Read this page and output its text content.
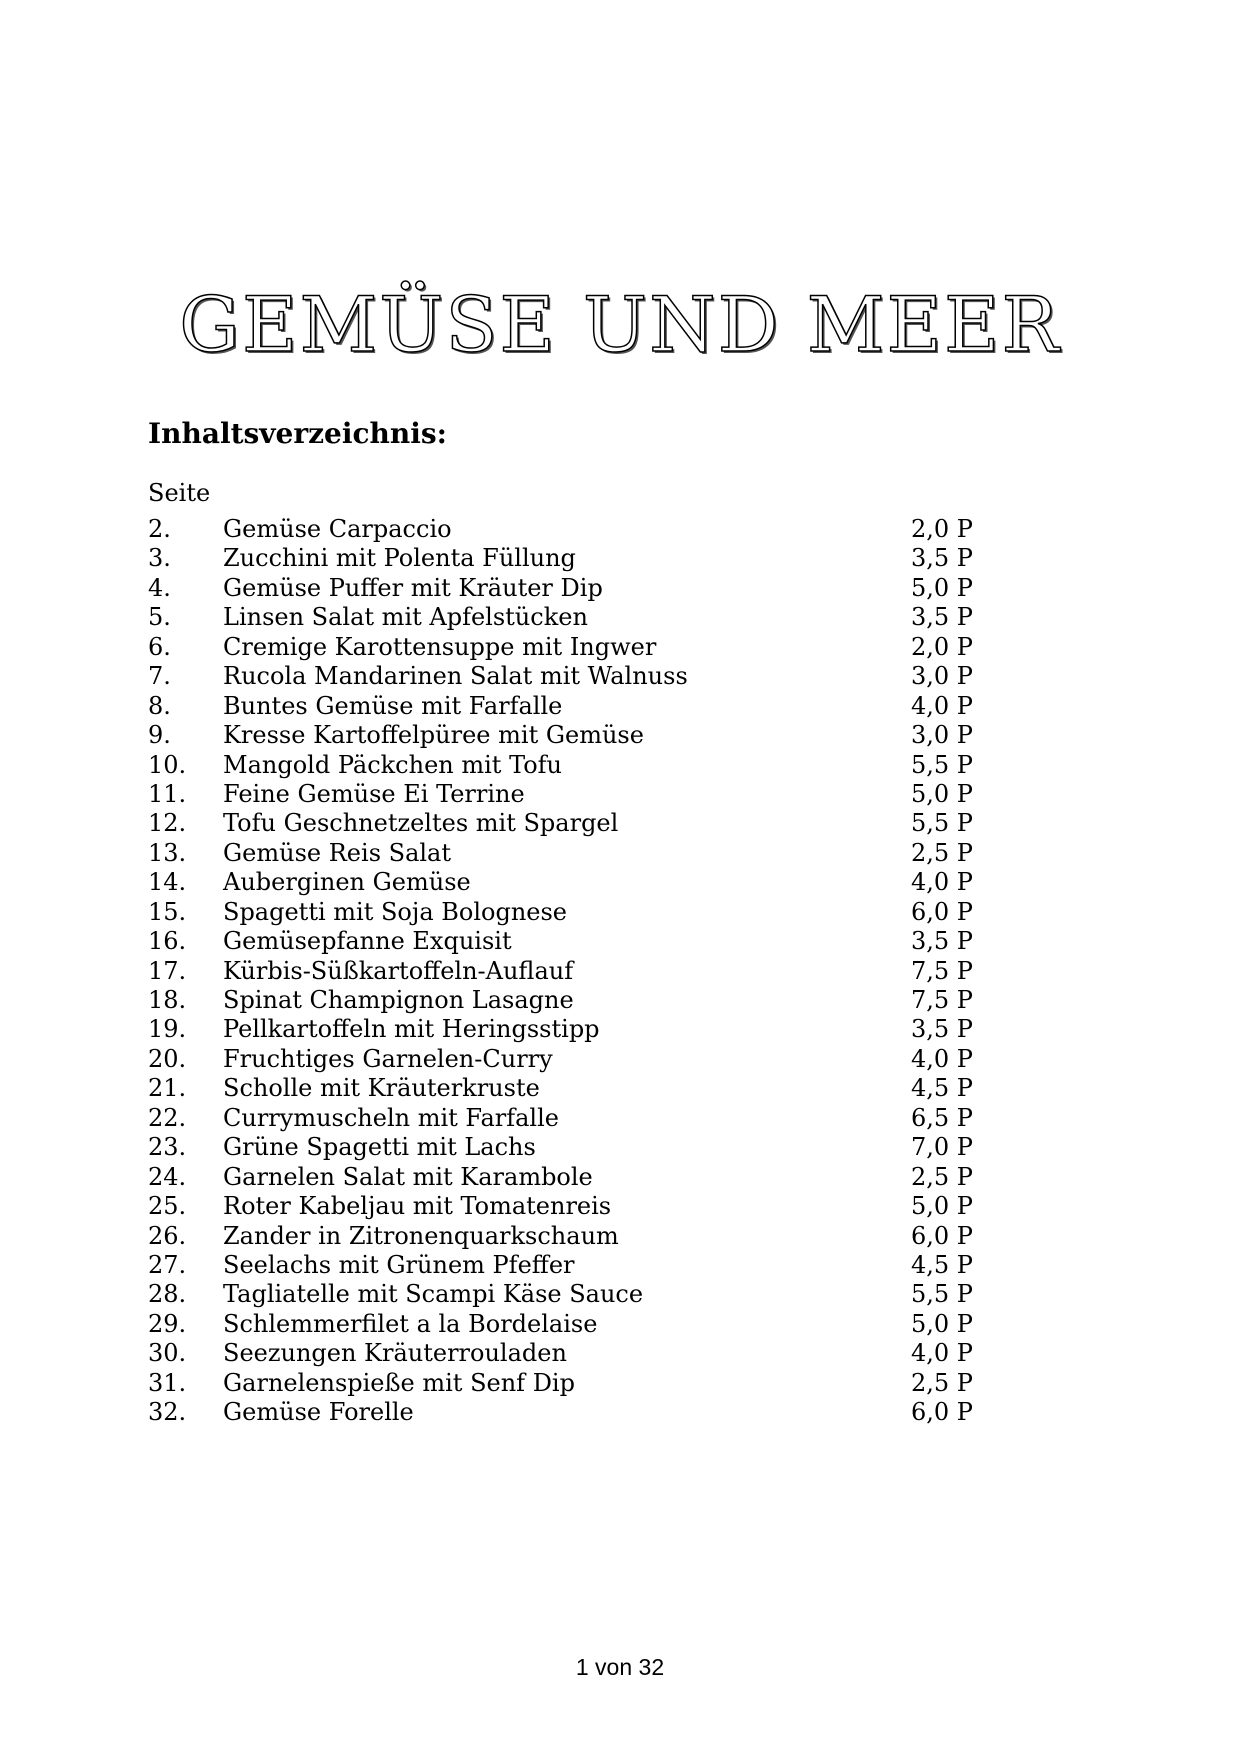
GEMÜSE UND MEER
Inhaltsverzeichnis:
Seite
2. Gemüse Carpaccio	2,0 P
3. Zucchini mit Polenta Füllung	3,5 P
4. Gemüse Puffer mit Kräuter Dip	5,0 P
5. Linsen Salat mit Apfelstücken	3,5 P
6. Cremige Karottensuppe mit Ingwer	2,0 P
7. Rucola Mandarinen Salat mit Walnuss	3,0 P
8. Buntes Gemüse mit Farfalle	4,0 P
9. Kresse Kartoffelpüree mit Gemüse	3,0 P
10. Mangold Päckchen mit Tofu	5,5 P
11. Feine Gemüse Ei Terrine	5,0 P
12. Tofu Geschnetzeltes mit Spargel	5,5 P
13. Gemüse Reis Salat	2,5 P
14. Auberginen Gemüse	4,0 P
15. Spagetti mit Soja Bolognese	6,0 P
16. Gemüsepfanne Exquisit	3,5 P
17. Kürbis-Süßkartoffeln-Auflauf	7,5 P
18. Spinat Champignon Lasagne	7,5 P
19. Pellkartoffeln mit Heringsstipp	3,5 P
20. Fruchtiges Garnelen-Curry	4,0 P
21. Scholle mit Kräuterkruste	4,5 P
22. Currymuscheln mit Farfalle	6,5 P
23. Grüne Spagetti mit Lachs	7,0 P
24. Garnelen Salat mit Karambole	2,5 P
25. Roter Kabeljau mit Tomatenreis	5,0 P
26. Zander in Zitronenquarkschaum	6,0 P
27. Seelachs mit Grünem Pfeffer	4,5 P
28. Tagliatelle mit Scampi Käse Sauce	5,5 P
29. Schlemmerfilet a la Bordelaise	5,0 P
30. Seezungen Kräuterrouladen	4,0 P
31. Garnelenspieße mit Senf Dip	2,5 P
32. Gemüse Forelle	6,0 P
1 von 32
